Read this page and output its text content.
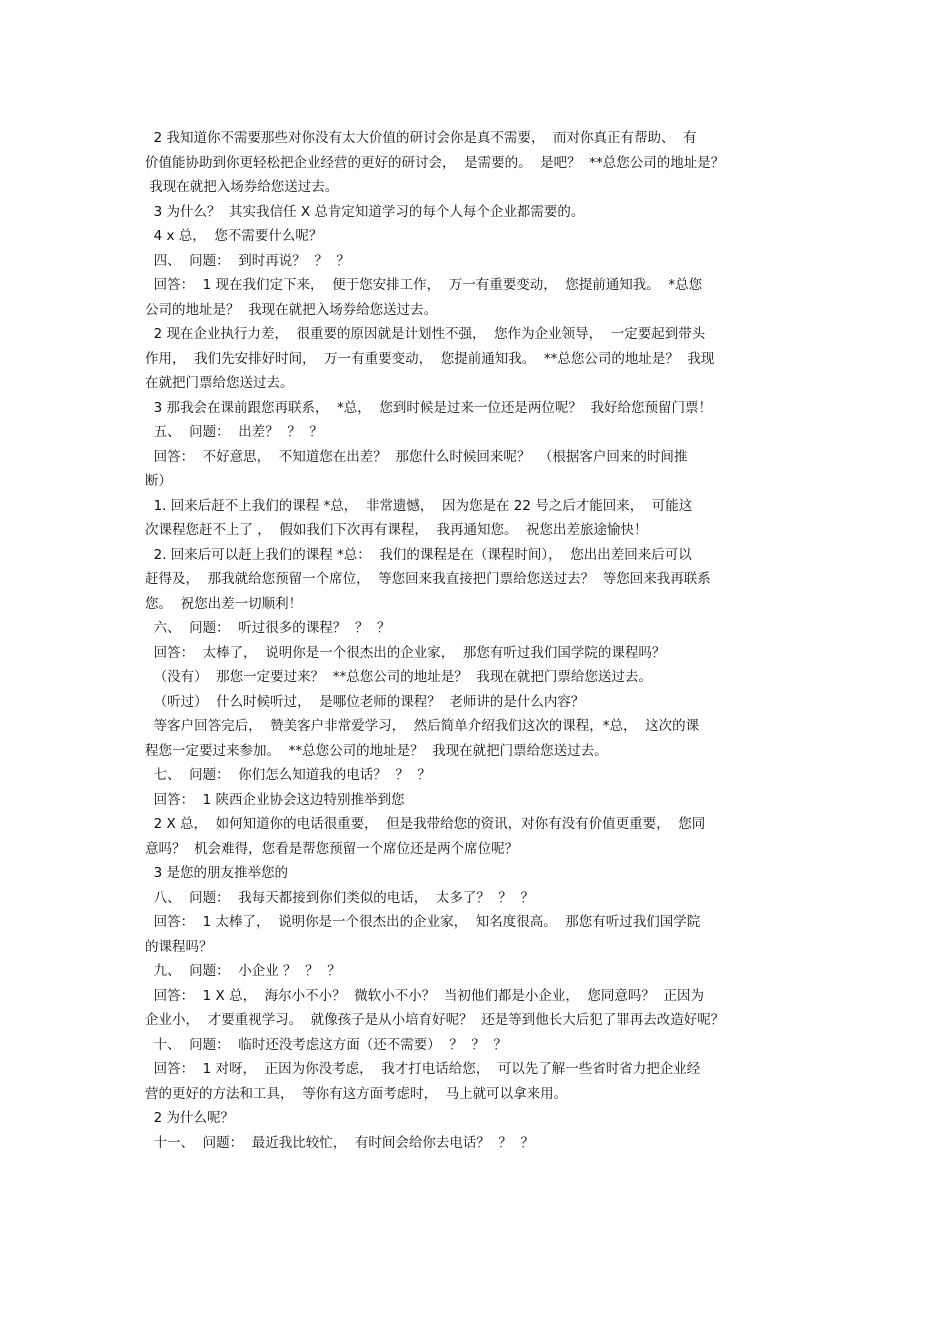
2 我知道你不需要那些对你没有太大价值的研讨会你是真不需要，  而对你真正有帮助、  有
价值能协助到你更轻松把企业经营的更好的研讨会，  是需要的。  是吧？  **总您公司的地址是？
我现在就把入场券给您送过去。
3 为什么？  其实我信任 X 总肯定知道学习的每个人每个企业都需要的。
4 x 总，  您不需要什么呢？
四、  问题：  到时再说？  ？  ？
回答：  1 现在我们定下来，  便于您安排工作，  万一有重要变动，  您提前通知我。  *总您
公司的地址是？  我现在就把入场券给您送过去。
2 现在企业执行力差，  很重要的原因就是计划性不强，  您作为企业领导，  一定要起到带头
作用，  我们先安排好时间，  万一有重要变动，  您提前通知我。  **总您公司的地址是？  我现
在就把门票给您送过去。
3 那我会在课前跟您再联系，  *总，  您到时候是过来一位还是两位呢？  我好给您预留门票！
五、  问题：  出差？  ？  ？
回答：  不好意思，  不知道您在出差？  那您什么时候回来呢？  （根据客户回来的时间推
断）
1. 回来后赶不上我们的课程 *总，  非常遗憾，  因为您是在 22 号之后才能回来，  可能这
次课程您赶不上了 ，  假如我们下次再有课程，  我再通知您。  祝您出差旅途愉快！
2. 回来后可以赶上我们的课程 *总：  我们的课程是在（课程时间），  您出出差回来后可以
赶得及，  那我就给您预留一个席位，  等您回来我直接把门票给您送过去？  等您回来我再联系
您。  祝您出差一切顺利！
六、  问题：  听过很多的课程？  ？  ？
回答：  太棒了，  说明你是一个很杰出的企业家，  那您有听过我们国学院的课程吗？
（没有）  那您一定要过来？  **总您公司的地址是？  我现在就把门票给您送过去。
（听过）  什么时候听过，  是哪位老师的课程？  老师讲的是什么内容？
等客户回答完后，  赞美客户非常爱学习，  然后简单介绍我们这次的课程，*总，  这次的课
程您一定要过来参加。  **总您公司的地址是？  我现在就把门票给您送过去。
七、  问题：  你们怎么知道我的电话？  ？  ？
回答：  1 陕西企业协会这边特别推举到您
2 X 总，  如何知道你的电话很重要，  但是我带给您的资讯，对你有没有价值更重要，  您同
意吗？  机会难得，您看是帮您预留一个席位还是两个席位呢？
3 是您的朋友推举您的
八、  问题：  我每天都接到你们类似的电话，  太多了？  ？  ？
回答：  1 太棒了，  说明你是一个很杰出的企业家，  知名度很高。  那您有听过我们国学院
的课程吗？
九、  问题：  小企业 ？  ？  ？
回答：  1 X 总，  海尔小不小？  微软小不小？  当初他们都是小企业，  您同意吗？  正因为
企业小，  才要重视学习。  就像孩子是从小培育好呢？  还是等到他长大后犯了罪再去改造好呢？
十、  问题：  临时还没考虑这方面（还不需要）  ？  ？  ？
回答：  1 对呀，  正因为你没考虑，  我才打电话给您，  可以先了解一些省时省力把企业经
营的更好的方法和工具，  等你有这方面考虑时，  马上就可以拿来用。
2 为什么呢？
十一、  问题：  最近我比较忙，  有时间会给你去电话？  ？  ？
